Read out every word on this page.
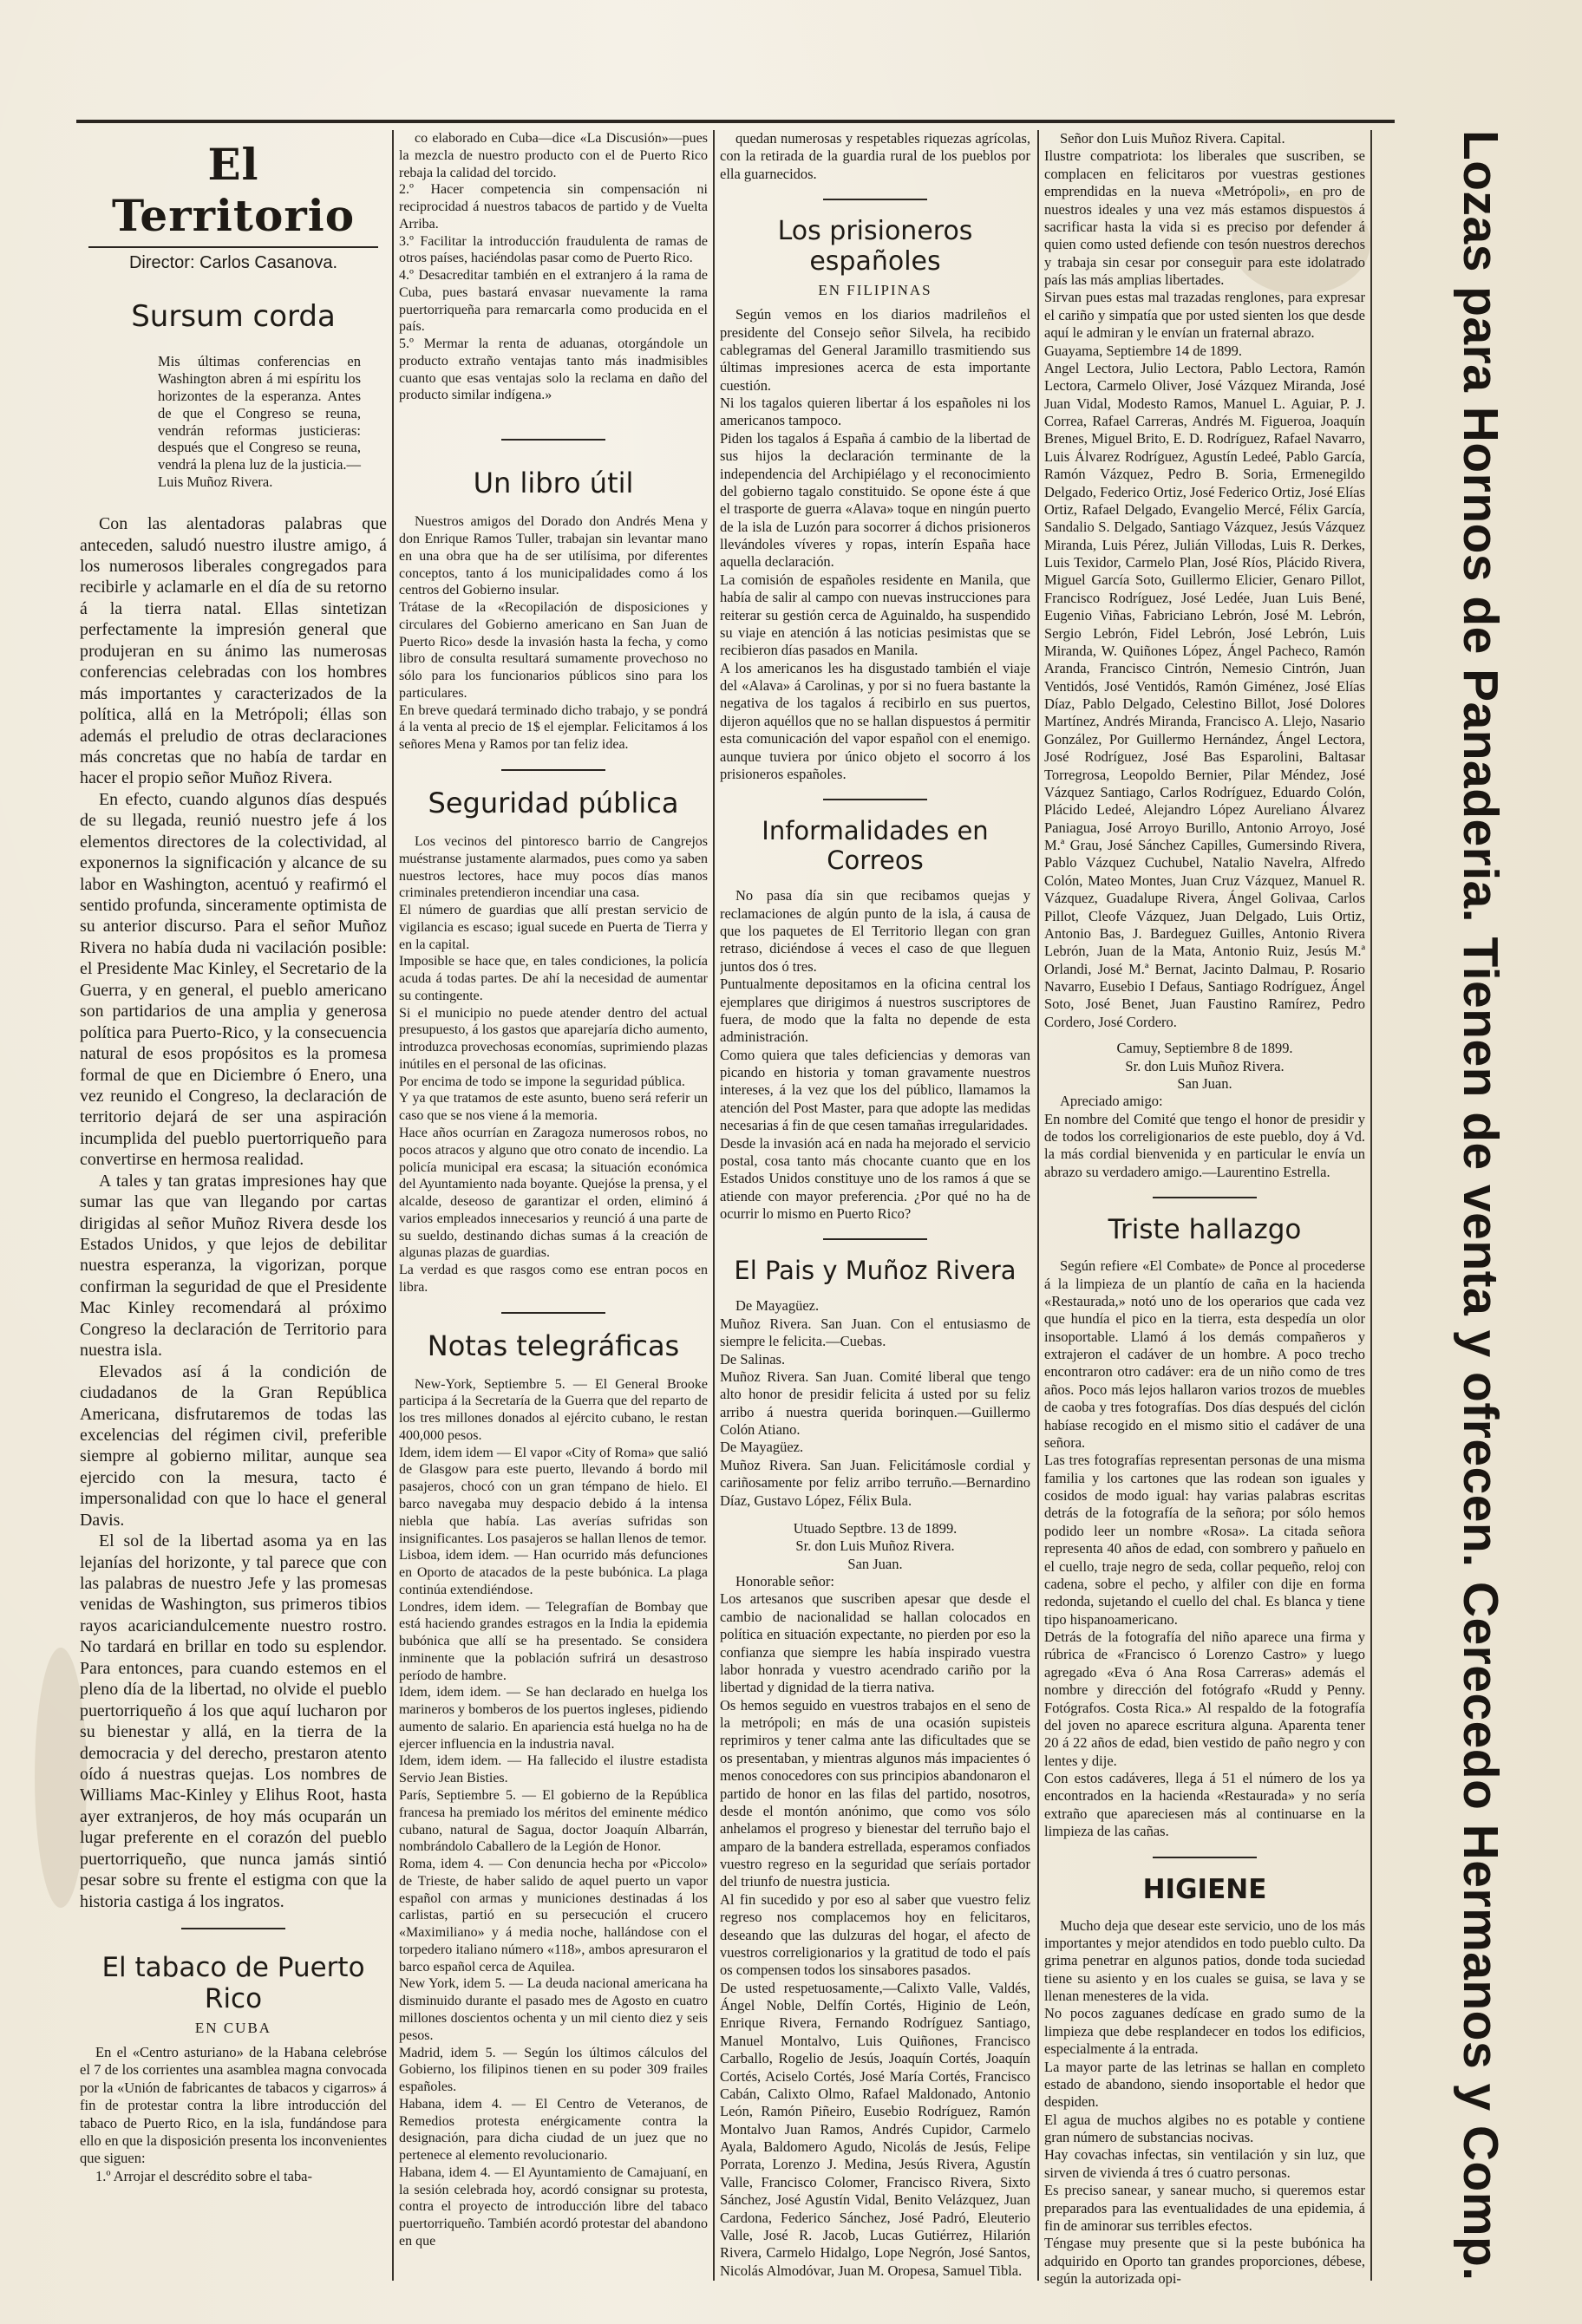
El Territorio
Director: Carlos Casanova.
Sursum corda

Mis últimas conferencias en Washington abren á mi espíritu los horizontes de la esperanza. Antes de que el Congreso se reuna, vendrán reformas justicieras: después que el Congreso se reuna, vendrá la plena luz de la justicia.—Luis Muñoz Rivera.

Con las alentadoras palabras que anteceden, saludó nuestro ilustre amigo, á los numerosos liberales congregados para recibirle y aclamarle en el día de su retorno á la tierra natal. Ellas sintetizan perfectamente la impresión general que produjeran en su ánimo las numerosas conferencias celebradas con los hombres más importantes y caracterizados de la política, allá en la Metrópoli; éllas son además el preludio de otras declaraciones más concretas que no había de tardar en hacer el propio señor Muñoz Rivera.

En efecto, cuando algunos días después de su llegada, reunió nuestro jefe á los elementos directores de la colectividad, al exponernos la significación y alcance de su labor en Washington, acentuó y reafirmó el sentido profunda, sinceramente optimista de su anterior discurso. Para el señor Muñoz Rivera no había duda ni vacilación posible: el Presidente Mac Kinley, el Secretario de la Guerra, y en general, el pueblo americano son partidarios de una amplia y generosa política para Puerto-Rico, y la consecuencia natural de esos propósitos es la promesa formal de que en Diciembre ó Enero, una vez reunido el Congreso, la declaración de territorio dejará de ser una aspiración incumplida del pueblo puertorriqueño para convertirse en hermosa realidad.

A tales y tan gratas impresiones hay que sumar las que van llegando por cartas dirigidas al señor Muñoz Rivera desde los Estados Unidos, y que lejos de debilitar nuestra esperanza, la vigorizan, porque confirman la seguridad de que el Presidente Mac Kinley recomendará al próximo Congreso la declaración de Territorio para nuestra isla.

Elevados así á la condición de ciudadanos de la Gran República Americana, disfrutaremos de todas las excelencias del régimen civil, preferible siempre al gobierno militar, aunque sea ejercido con la mesura, tacto é impersonalidad con que lo hace el general Davis.

El sol de la libertad asoma ya en las lejanías del horizonte, y tal parece que con las palabras de nuestro Jefe y las promesas venidas de Washington, sus primeros tibios rayos acariciandulcemente nuestro rostro. No tardará en brillar en todo su esplendor. Para entonces, para cuando estemos en el pleno día de la libertad, no olvide el pueblo puertorriqueño á los que aquí lucharon por su bienestar y allá, en la tierra de la democracia y del derecho, prestaron atento oído á nuestras quejas. Los nombres de Williams Mac-Kinley y Elihus Root, hasta ayer extranjeros, de hoy más ocuparán un lugar preferente en el corazón del pueblo puertorriqueño, que nunca jamás sintió pesar sobre su frente el estigma con que la historia castiga á los ingratos.

El tabaco de Puerto Rico
EN CUBA

En el «Centro asturiano» de la Habana celebróse el 7 de los corrientes una asamblea magna convocada por la «Unión de fabricantes de tabacos y cigarros» á fin de protestar contra la libre introducción del tabaco de Puerto Rico, en la isla, fundándose para ello en que la disposición presenta los inconvenientes que siguen:

1.º Arrojar el descrédito sobre el taba-

co elaborado en Cuba—dice «La Discusión»—pues la mezcla de nuestro producto con el de Puerto Rico rebaja la calidad del torcido.
2.º Hacer competencia sin compensación ni reciprocidad á nuestros tabacos de partido y de Vuelta Arriba.
3.º Facilitar la introducción fraudulenta de ramas de otros países, haciéndolas pasar como de Puerto Rico.
4.º Desacreditar también en el extranjero á la rama de Cuba, pues bastará envasar nuevamente la rama puertorriqueña para remarcarla como producida en el país.
5.º Mermar la renta de aduanas, otorgándole un producto extraño ventajas tanto más inadmisibles cuanto que esas ventajas solo la reclama en daño del producto similar indígena.»

Un libro útil

Nuestros amigos del Dorado don Andrés Mena y don Enrique Ramos Tuller, trabajan sin levantar mano en una obra que ha de ser utilísima, por diferentes conceptos, tanto á los municipalidades como á los centros del Gobierno insular.
Trátase de la «Recopilación de disposiciones y circulares del Gobierno americano en San Juan de Puerto Rico» desde la invasión hasta la fecha, y como libro de consulta resultará sumamente provechoso no sólo para los funcionarios públicos sino para los particulares.
En breve quedará terminado dicho trabajo, y se pondrá á la venta al precio de 1$ el ejemplar. Felicitamos á los señores Mena y Ramos por tan feliz idea.

Seguridad pública

Los vecinos del pintoresco barrio de Cangrejos muéstranse justamente alarmados, pues como ya saben nuestros lectores, hace muy pocos días manos criminales pretendieron incendiar una casa.
El número de guardias que allí prestan servicio de vigilancia es escaso; igual sucede en Puerta de Tierra y en la capital.
Imposible se hace que, en tales condiciones, la policía acuda á todas partes. De ahí la necesidad de aumentar su contingente.
Si el municipio no puede atender dentro del actual presupuesto, á los gastos que aparejaría dicho aumento, introduzca provechosas economías, suprimiendo plazas inútiles en el personal de las oficinas.
Por encima de todo se impone la seguridad pública.
Y ya que tratamos de este asunto, bueno será referir un caso que se nos viene á la memoria.
Hace años ocurrían en Zaragoza numerosos robos, no pocos atracos y alguno que otro conato de incendio. La policía municipal era escasa; la situación económica del Ayuntamiento nada boyante. Quejóse la prensa, y el alcalde, deseoso de garantizar el orden, eliminó á varios empleados innecesarios y reunció á una parte de su sueldo, destinando dichas sumas á la creación de algunas plazas de guardias.
La verdad es que rasgos como ese entran pocos en libra.

Notas telegráficas

New-York, Septiembre 5. — El General Brooke participa á la Secretaría de la Guerra que del reparto de los tres millones donados al ejército cubano, le restan 400,000 pesos.
Idem, idem idem — El vapor «City of Roma» que salió de Glasgow para este puerto, llevando á bordo mil pasajeros, chocó con un gran témpano de hielo. El barco navegaba muy despacio debido á la intensa niebla que había. Las averías sufridas son insignificantes. Los pasajeros se hallan llenos de temor.
Lisboa, idem idem. — Han ocurrido más defunciones en Oporto de atacados de la peste bubónica. La plaga continúa extendiéndose.
Londres, idem idem. — Telegrafían de Bombay que está haciendo grandes estragos en la India la epidemia bubónica que allí se ha presentado. Se considera inminente que la población sufrirá un desastroso período de hambre.
Idem, idem idem. — Se han declarado en huelga los marineros y bomberos de los puertos ingleses, pidiendo aumento de salario. En apariencia está huelga no ha de ejercer influencia en la industria naval.
Idem, idem idem. — Ha fallecido el ilustre estadista Servio Jean Bisties.
París, Septiembre 5. — El gobierno de la República francesa ha premiado los méritos del eminente médico cubano, natural de Sagua, doctor Joaquín Albarrán, nombrándolo Caballero de la Legión de Honor.
Roma, idem 4. — Con denuncia hecha por «Piccolo» de Trieste, de haber salido de aquel puerto un vapor español con armas y municiones destinadas á los carlistas, partió en su persecución el crucero «Maximiliano» y á media noche, hallándose con el torpedero italiano número «118», ambos apresuraron el barco español cerca de Aquilea.
New York, idem 5. — La deuda nacional americana ha disminuido durante el pasado mes de Agosto en cuatro millones doscientos ochenta y un mil ciento diez y seis pesos.
Madrid, idem 5. — Según los últimos cálculos del Gobierno, los filipinos tienen en su poder 309 frailes españoles.
Habana, idem 4. — El Centro de Veteranos, de Remedios protesta enérgicamente contra la designación, para dicha ciudad de un juez que no pertenece al elemento revolucionario.
Habana, idem 4. — El Ayuntamiento de Camajuaní, en la sesión celebrada hoy, acordó consignar su protesta, contra el proyecto de introducción libre del tabaco puertorriqueño. También acordó protestar del abandono en que

quedan numerosas y respetables riquezas agrícolas, con la retirada de la guardia rural de los pueblos por ella guarnecidos.

Los prisioneros españoles
EN FILIPINAS

Según vemos en los diarios madrileños el presidente del Consejo señor Silvela, ha recibido cablegramas del General Jaramillo trasmitiendo sus últimas impresiones acerca de esta importante cuestión.
Ni los tagalos quieren libertar á los españoles ni los americanos tampoco.
Piden los tagalos á España á cambio de la libertad de sus hijos la declaración terminante de la independencia del Archipiélago y el reconocimiento del gobierno tagalo constituido. Se opone éste á que el trasporte de guerra «Alava» toque en ningún puerto de la isla de Luzón para socorrer á dichos prisioneros llevándoles víveres y ropas, interín España hace aquella declaración.
La comisión de españoles residente en Manila, que había de salir al campo con nuevas instrucciones para reiterar su gestión cerca de Aguinaldo, ha suspendido su viaje en atención á las noticias pesimistas que se recibieron días pasados en Manila.
A los americanos les ha disgustado también el viaje del «Alava» á Carolinas, y por si no fuera bastante la negativa de los tagalos á recibirlo en sus puertos, dijeron aquéllos que no se hallan dispuestos á permitir esta comunicación del vapor español con el enemigo. aunque tuviera por único objeto el socorro á los prisioneros españoles.

Informalidades en Correos

No pasa día sin que recibamos quejas y reclamaciones de algún punto de la isla, á causa de que los paquetes de El Territorio llegan con gran retraso, diciéndose á veces el caso de que lleguen juntos dos ó tres.
Puntualmente depositamos en la oficina central los ejemplares que dirigimos á nuestros suscriptores de fuera, de modo que la falta no depende de esta administración.
Como quiera que tales deficiencias y demoras van picando en historia y toman gravamente nuestros intereses, á la vez que los del público, llamamos la atención del Post Master, para que adopte las medidas necesarias á fin de que cesen tamañas irregularidades.
Desde la invasión acá en nada ha mejorado el servicio postal, cosa tanto más chocante cuanto que en los Estados Unidos constituye uno de los ramos á que se atiende con mayor preferencia. ¿Por qué no ha de ocurrir lo mismo en Puerto Rico?

El Pais y Muñoz Rivera

De Mayagüez.
Muñoz Rivera. San Juan. Con el entusiasmo de siempre le felicita.—Cuebas.
De Salinas.
Muñoz Rivera. San Juan. Comité liberal que tengo alto honor de presidir felicita á usted por su feliz arribo á nuestra querida borinquen.—Guillermo Colón Atiano.
De Mayagüez.
Muñoz Rivera. San Juan. Felicitámosle cordial y cariñosamente por feliz arribo terruño.—Bernardino Díaz, Gustavo López, Félix Bula.

Utuado Septbre. 13 de 1899.
Sr. don Luis Muñoz Rivera.
San Juan.

Honorable señor:
Los artesanos que suscriben apesar que desde el cambio de nacionalidad se hallan colocados en política en situación expectante, no pierden por eso la confianza que siempre les había inspirado vuestra labor honrada y vuestro acendrado cariño por la libertad y dignidad de la tierra nativa.
Os hemos seguido en vuestros trabajos en el seno de la metrópoli; en más de una ocasión supisteis reprimiros y tener calma ante las dificultades que se os presentaban, y mientras algunos más impacientes ó menos conocedores con sus principios abandonaron el partido de honor en las filas del partido, nosotros, desde el montón anónimo, que como vos sólo anhelamos el progreso y bienestar del terruño bajo el amparo de la bandera estrellada, esperamos confiados vuestro regreso en la seguridad que seríais portador del triunfo de nuestra justicia.
Al fin sucedido y por eso al saber que vuestro feliz regreso nos complacemos hoy en felicitaros, deseando que las dulzuras del hogar, el afecto de vuestros correligionarios y la gratitud de todo el país os compensen todos los sinsabores pasados.
De usted respetuosamente,—Calixto Valle, Valdés, Ángel Noble, Delfín Cortés, Higinio de León, Enrique Rivera, Fernando Rodríguez Santiago, Manuel Montalvo, Luis Quiñones, Francisco Carballo, Rogelio de Jesús, Joaquín Cortés, Joaquín Cortés, Aciselo Cortés, José María Cortés, Francisco Cabán, Calixto Olmo, Rafael Maldonado, Antonio León, Ramón Piñeiro, Eusebio Rodríguez, Ramón Montalvo Juan Ramos, Andrés Cupidor, Carmelo Ayala, Baldomero Agudo, Nicolás de Jesús, Felipe Porrata, Lorenzo J. Medina, Jesús Rivera, Agustín Valle, Francisco Colomer, Francisco Rivera, Sixto Sánchez, José Agustín Vidal, Benito Velázquez, Juan Cardona, Federico Sánchez, José Padró, Eleuterio Valle, José R. Jacob, Lucas Gutiérrez, Hilarión Rivera, Carmelo Hidalgo, Lope Negrón, José Santos, Nicolás Almodóvar, Juan M. Oropesa, Samuel Tibla.

Señor don Luis Muñoz Rivera. Capital.
Ilustre compatriota: los liberales que suscriben, se complacen en felicitaros por vuestras gestiones emprendidas en la nueva «Metrópoli», en pro de nuestros ideales y una vez más estamos dispuestos á sacrificar hasta la vida si es preciso por defender á quien como usted defiende con tesón nuestros derechos y trabaja sin cesar por conseguir para este idolatrado país las más amplias libertades.
Sirvan pues estas mal trazadas renglones, para expresar el cariño y simpatía que por usted sienten los que desde aquí le admiran y le envían un fraternal abrazo.
Guayama, Septiembre 14 de 1899.
Angel Lectora, Julio Lectora, Pablo Lectora, Ramón Lectora, Carmelo Oliver, José Vázquez Miranda, José Juan Vidal, Modesto Ramos, Manuel L. Aguiar, P. J. Correa, Rafael Carreras, Andrés M. Figueroa, Joaquín Brenes, Miguel Brito, E. D. Rodríguez, Rafael Navarro, Luis Álvarez Rodríguez, Agustín Ledeé, Pablo García, Ramón Vázquez, Pedro B. Soria, Ermenegildo Delgado, Federico Ortiz, José Federico Ortiz, José Elías Ortiz, Rafael Delgado, Evangelio Mercé, Félix García, Sandalio S. Delgado, Santiago Vázquez, Jesús Vázquez Miranda, Luis Pérez, Julián Villodas, Luis R. Derkes, Luis Texidor, Carmelo Plan, José Ríos, Plácido Rivera, Miguel García Soto, Guillermo Elicier, Genaro Pillot, Francisco Rodríguez, José Ledée, Juan Luis Bené, Eugenio Viñas, Fabriciano Lebrón, José M. Lebrón, Sergio Lebrón, Fidel Lebrón, José Lebrón, Luis Miranda, W. Quiñones López, Ángel Pacheco, Ramón Aranda, Francisco Cintrón, Nemesio Cintrón, Juan Ventidós, José Ventidós, Ramón Giménez, José Elías Díaz, Pablo Delgado, Celestino Billot, José Dolores Martínez, Andrés Miranda, Francisco A. Llejo, Nasario González, Por Guillermo Hernández, Ángel Lectora, José Rodríguez, José Bas Esparolini, Baltasar Torregrosa, Leopoldo Bernier, Pilar Méndez, José Vázquez Santiago, Carlos Rodríguez, Eduardo Colón, Plácido Ledeé, Alejandro López Aureliano Álvarez Paniagua, José Arroyo Burillo, Antonio Arroyo, José M.ª Grau, José Sánchez Capilles, Gumersindo Rivera, Pablo Vázquez Cuchubel, Natalio Navelra, Alfredo Colón, Mateo Montes, Juan Cruz Vázquez, Manuel R. Vázquez, Guadalupe Rivera, Ángel Golivaa, Carlos Pillot, Cleofe Vázquez, Juan Delgado, Luis Ortiz, Antonio Bas, J. Bardeguez Guilles, Antonio Rivera Lebrón, Juan de la Mata, Antonio Ruiz, Jesús M.ª Orlandi, José M.ª Bernat, Jacinto Dalmau, P. Rosario Navarro, Eusebio I Defaus, Santiago Rodríguez, Ángel Soto, José Benet, Juan Faustino Ramírez, Pedro Cordero, José Cordero.

Camuy, Septiembre 8 de 1899.
Sr. don Luis Muñoz Rivera.
San Juan.

Apreciado amigo:
En nombre del Comité que tengo el honor de presidir y de todos los correligionarios de este pueblo, doy á Vd. la más cordial bienvenida y en particular le envía un abrazo su verdadero amigo.—Laurentino Estrella.

Triste hallazgo

Según refiere «El Combate» de Ponce al procederse á la limpieza de un plantío de caña en la hacienda «Restaurada,» notó uno de los operarios que cada vez que hundía el pico en la tierra, esta despedía un olor insoportable. Llamó á los demás compañeros y extrajeron el cadáver de un hombre. A poco trecho encontraron otro cadáver: era de un niño como de tres años. Poco más lejos hallaron varios trozos de muebles de caoba y tres fotografías. Dos días después del ciclón habíase recogido en el mismo sitio el cadáver de una señora.
Las tres fotografías representan personas de una misma familia y los cartones que las rodean son iguales y cosidos de modo igual: hay varias palabras escritas detrás de la fotografía de la señora; por sólo hemos podido leer un nombre «Rosa». La citada señora representa 40 años de edad, con sombrero y pañuelo en el cuello, traje negro de seda, collar pequeño, reloj con cadena, sobre el pecho, y alfiler con dije en forma redonda, sujetando el cuello del chal. Es blanca y tiene tipo hispanoamericano.
Detrás de la fotografía del niño aparece una firma y rúbrica de «Francisco ó Lorenzo Castro» y luego agregado «Eva ó Ana Rosa Carreras» además el nombre y dirección del fotógrafo «Rudd y Penny. Fotógrafos. Costa Rica.» Al respaldo de la fotografía del joven no aparece escritura alguna. Aparenta tener 20 á 22 años de edad, bien vestido de paño negro y con lentes y dije.
Con estos cadáveres, llega á 51 el número de los ya encontrados en la hacienda «Restaurada» y no sería extraño que apareciesen más al continuarse en la limpieza de las cañas.

HIGIENE

Mucho deja que desear este servicio, uno de los más importantes y mejor atendidos en todo pueblo culto. Da grima penetrar en algunos patios, donde toda suciedad tiene su asiento y en los cuales se guisa, se lava y se llenan menesteres de la vida.
No pocos zaguanes dedícase en grado sumo de la limpieza que debe resplandecer en todos los edificios, especialmente á la entrada.
La mayor parte de las letrinas se hallan en completo estado de abandono, siendo insoportable el hedor que despiden.
El agua de muchos algibes no es potable y contiene gran número de substancias nocivas.
Hay covachas infectas, sin ventilación y sin luz, que sirven de vivienda á tres ó cuatro personas.
Es preciso sanear, y sanear mucho, si queremos estar preparados para las eventualidades de una epidemia, á fin de aminorar sus terribles efectos.
Téngase muy presente que si la peste bubónica ha adquirido en Oporto tan grandes proporciones, débese, según la autorizada opi-	Lozas para Hornos de Panaderia. Tienen de venta y ofrecen. Cerecedo Hermanos y Comp.
